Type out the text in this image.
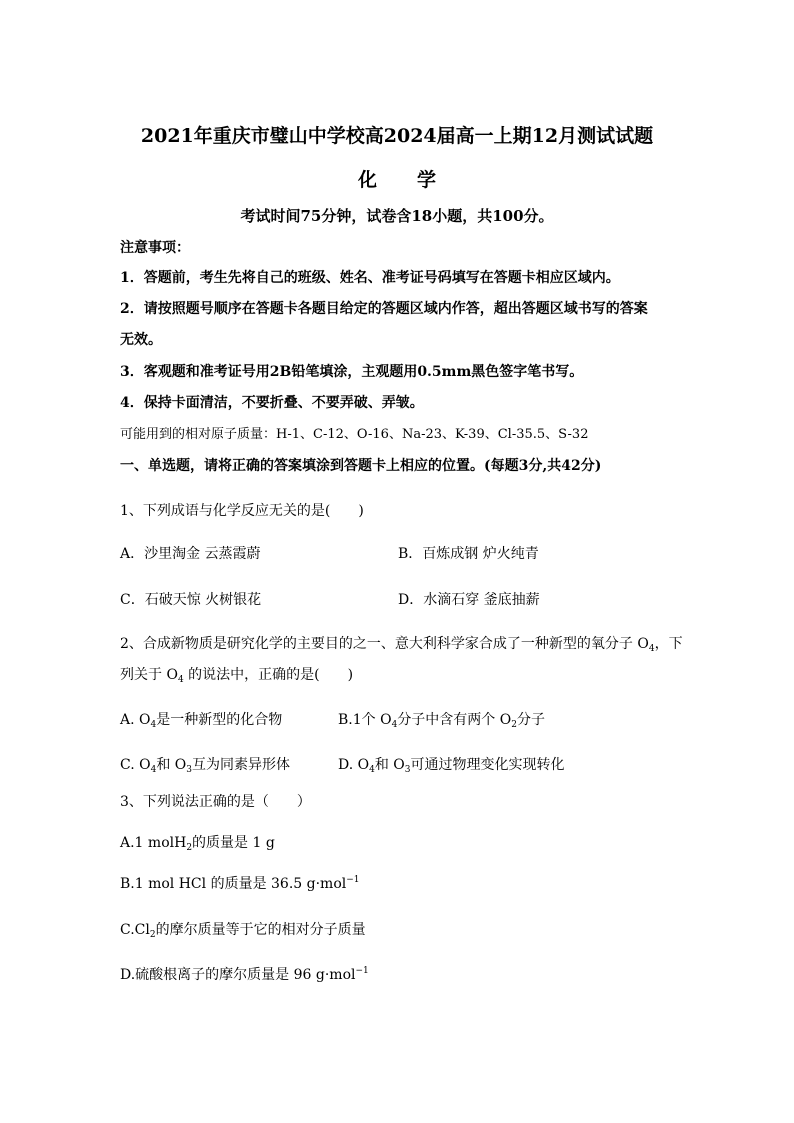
2021年重庆市璧山中学校高2024届高一上期12月测试试题
化 学
考试时间75分钟，试卷含18小题，共100分。
注意事项：
1．答题前，考生先将自己的班级、姓名、准考证号码填写在答题卡相应区域内。
2．请按照题号顺序在答题卡各题目给定的答题区域内作答，超出答题区域书写的答案
无效。
3．客观题和准考证号用2B铅笔填涂，主观题用0.5mm黑色签字笔书写。
4．保持卡面清洁，不要折叠、不要弄破、弄皱。
可能用到的相对原子质量：H-1、C-12、O-16、Na-23、K-39、Cl-35.5、S-32
一、单选题，请将正确的答案填涂到答题卡上相应的位置。(每题3分,共42分)
1、下列成语与化学反应无关的是(　　)
A．沙里淘金 云蒸霞蔚	B．百炼成钢 炉火纯青
C．石破天惊 火树银花	D．水滴石穿 釜底抽薪
2、合成新物质是研究化学的主要目的之一、意大利科学家合成了一种新型的氧分子 $O_4$，下
列关于 $O_4$ 的说法中，正确的是(　　)
A. $O_4$是一种新型的化合物	B.1个 $O_4$分子中含有两个 $O_2$分子
C. $O_4$和 $O_3$互为同素异形体	D. $O_4$和 $O_3$可通过物理变化实现转化
3、下列说法正确的是（　　）
A.1 molH$_2$的质量是 1 g
B.1 mol HCl 的质量是 36.5 g·mol$^{-1}$
$C.Cl_2$的摩尔质量等于它的相对分子质量
D.硫酸根离子的摩尔质量是 96 g·mol$^{-1}$
